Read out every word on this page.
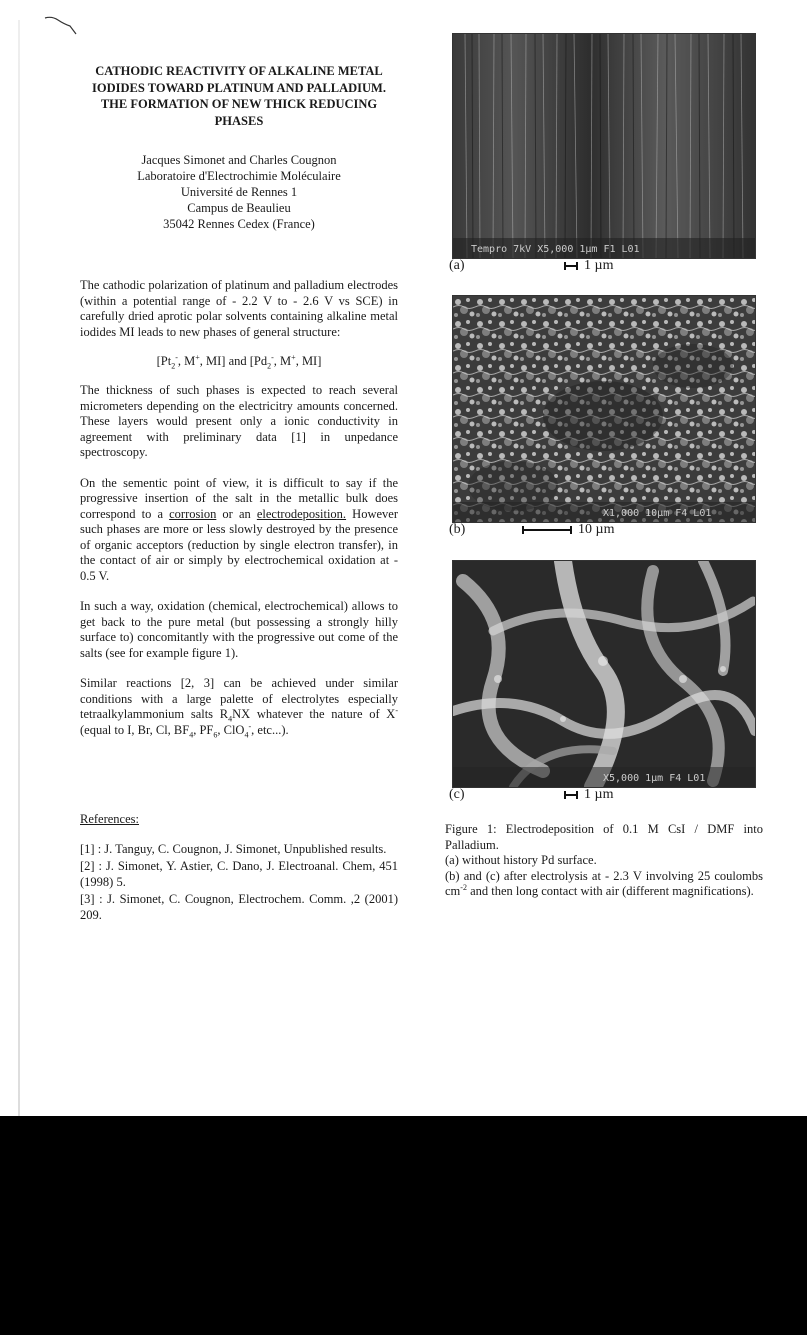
CATHODIC REACTIVITY OF ALKALINE METAL IODIDES TOWARD PLATINUM AND PALLADIUM. THE FORMATION OF NEW THICK REDUCING PHASES
Jacques Simonet and Charles Cougnon
Laboratoire d'Electrochimie Moléculaire
Université de Rennes 1
Campus de Beaulieu
35042 Rennes Cedex (France)

The cathodic polarization of platinum and palladium electrodes (within a potential range of - 2.2 V to - 2.6 V vs SCE) in carefully dried aprotic polar solvents containing alkaline metal iodides MI leads to new phases of general structure:

[$Pt_2^-$, M+, MI] and [$Pd_2^-$, M+, MI]

The thickness of such phases is expected to reach several micrometers depending on the electricitry amounts concerned. These layers would present only a ionic conductivity in agreement with preliminary data [1] in unpedance spectroscopy.

On the sementic point of view, it is difficult to say if the progressive insertion of the salt in the metallic bulk does correspond to a corrosion or an electrodeposition. However such phases are more or less slowly destroyed by the presence of organic acceptors (reduction by single electron transfer), in the contact of air or simply by electrochemical oxidation at - 0.5 V.

In such a way, oxidation (chemical, electrochemical) allows to get back to the pure metal (but possessing a strongly hilly surface to) concomitantly with the progressive out come of the salts (see for example figure 1).

Similar reactions [2, 3] can be achieved under similar conditions with a large palette of electrolytes especially tetraalkylammonium salts $R_4NX$ whatever the nature of X- (equal to I, Br, Cl, $BF_4$, $PF_6$, ClO$_4$-, etc...).

References:

[1] : J. Tanguy, C. Cougnon, J. Simonet, Unpublished results.

[2] : J. Simonet, Y. Astier, C. Dano, J. Electroanal. Chem, 451 (1998) 5.

[3] : J. Simonet, C. Cougnon, Electrochem. Comm. ,2 (2001) 209.

Tempro 7kV X5,000 1µm F1 L01
(a)	1 µm
X1,000 10µm F4 L01
(b)	10 µm
X5,000 1µm F4 L01
(c)	1 µm

Figure 1: Electrodeposition of 0.1 M CsI / DMF into Palladium.

(a) without history Pd surface.

(b) and (c) after electrolysis at - 2.3 V involving 25 coulombs $cm^{-2}$ and then long contact with air (different magnifications).
